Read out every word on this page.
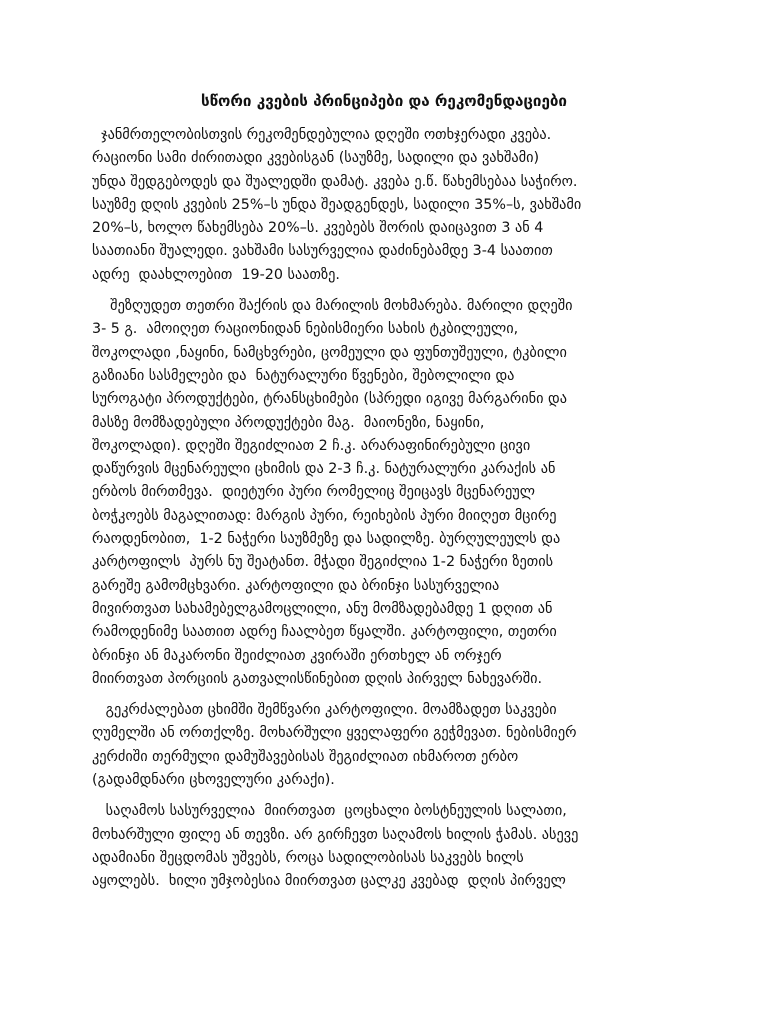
სწორი კვების პრინციპები და რეკომენდაციები
ჯანმრთელობისთვის რეკომენდებულია დღეში ოთხჯერადი კვება.
რაციონი სამი ძირითადი კვებისგან (საუზმე, სადილი და ვახშამი)
უნდა შედგებოდეს და შუალედში დამატ. კვება ე.წ. წახემსებაა საჭირო.
საუზმე დღის კვების 25%–ს უნდა შეადგენდეს, სადილი 35%–ს, ვახშამი
20%–ს, ხოლო წახემსება 20%–ს. კვებებს შორის დაიცავით 3 ან 4
საათიანი შუალედი. ვახშამი სასურველია დაძინებამდე 3-4 საათით
ადრე  დაახლოებით  19-20 საათზე.
შეზღუდეთ თეთრი შაქრის და მარილის მოხმარება. მარილი დღეში
3- 5 გ.  ამოიღეთ რაციონიდან ნებისმიერი სახის ტკბილეული,
შოკოლადი ,ნაყინი, ნამცხვრები, ცომეული და ფუნთუშეული, ტკბილი
გაზიანი სასმელები და  ნატურალური წვენები, შებოლილი და
სუროგატი პროდუქტები, ტრანსცხიმები (სპრედი იგივე მარგარინი და
მასზე მომზადებული პროდუქტები მაგ.  მაიონეზი, ნაყინი,
შოკოლადი). დღეში შეგიძლიათ 2 ჩ.კ. არარაფინირებული ცივი
დაწურვის მცენარეული ცხიმის და 2-3 ჩ.კ. ნატურალური კარაქის ან
ერბოს მირთმევა.  დიეტური პური რომელიც შეიცავს მცენარეულ
ბოჭკოებს მაგალითად: მარგის პური, რეიხების პური მიიღეთ მცირე
რაოდენობით,  1-2 ნაჭერი საუზმეზე და სადილზე. ბურღულეულს და
კარტოფილს  პურს ნუ შეატანთ. მჭადი შეგიძლია 1-2 ნაჭერი ზეთის
გარეშე გამომცხვარი. კარტოფილი და ბრინჯი სასურველია
მივირთვათ სახამებელგამოცლილი, ანუ მომზადებამდე 1 დღით ან
რამოდენიმე საათით ადრე ჩაალბეთ წყალში. კარტოფილი, თეთრი
ბრინჯი ან მაკარონი შეიძლიათ კვირაში ერთხელ ან ორჯერ
მიირთვათ პორციის გათვალისწინებით დღის პირველ ნახევარში.
გეკრძალებათ ცხიმში შემწვარი კარტოფილი. მოამზადეთ საკვები
ღუმელში ან ორთქლზე. მოხარშული ყველაფერი გეჭმევათ. ნებისმიერ
კერძიში თერმული დამუშავებისას შეგიძლიათ იხმაროთ ერბო
(გადამდნარი ცხოველური კარაქი).
საღამოს სასურველია  მიირთვათ  ცოცხალი ბოსტნეულის სალათი,
მოხარშული ფილე ან თევზი. არ გირჩევთ საღამოს ხილის ჭამას. ასევე
ადამიანი შეცდომას უშვებს, როცა სადილობისას საკვებს ხილს
აყოლებს.  ხილი უმჯობესია მიირთვათ ცალკე კვებად  დღის პირველ
